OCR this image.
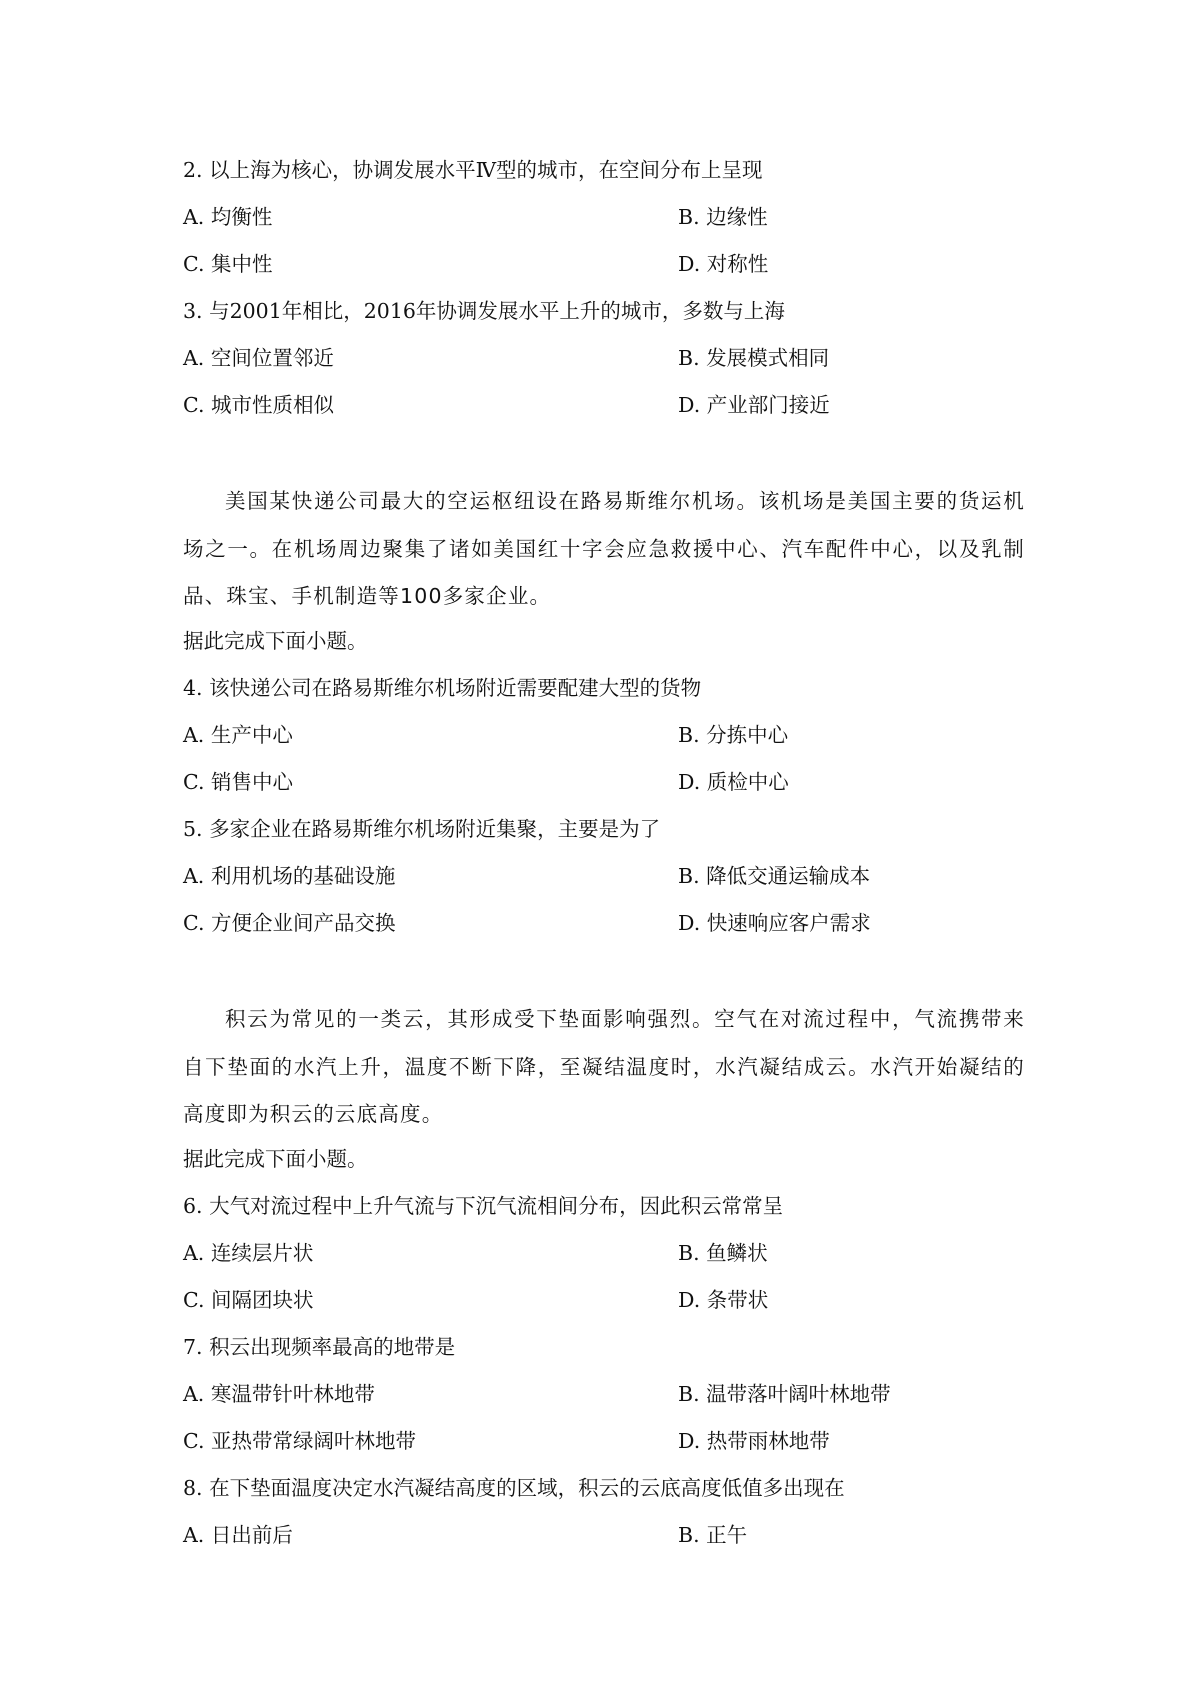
2. 以上海为核心，协调发展水平Ⅳ型的城市，在空间分布上呈现
A. 均衡性	B. 边缘性
C. 集中性	D. 对称性
3. 与2001年相比，2016年协调发展水平上升的城市，多数与上海
A. 空间位置邻近	B. 发展模式相同
C. 城市性质相似	D. 产业部门接近
美国某快递公司最大的空运枢纽设在路易斯维尔机场。该机场是美国主要的货运机场之一。在机场周边聚集了诸如美国红十字会应急救援中心、汽车配件中心，以及乳制品、珠宝、手机制造等100多家企业。
据此完成下面小题。
4. 该快递公司在路易斯维尔机场附近需要配建大型的货物
A. 生产中心	B. 分拣中心
C. 销售中心	D. 质检中心
5. 多家企业在路易斯维尔机场附近集聚，主要是为了
A. 利用机场的基础设施	B. 降低交通运输成本
C. 方便企业间产品交换	D. 快速响应客户需求
积云为常见的一类云，其形成受下垫面影响强烈。空气在对流过程中，气流携带来自下垫面的水汽上升，温度不断下降，至凝结温度时，水汽凝结成云。水汽开始凝结的高度即为积云的云底高度。
据此完成下面小题。
6. 大气对流过程中上升气流与下沉气流相间分布，因此积云常常呈
A. 连续层片状	B. 鱼鳞状
C. 间隔团块状	D. 条带状
7. 积云出现频率最高的地带是
A. 寒温带针叶林地带	B. 温带落叶阔叶林地带
C. 亚热带常绿阔叶林地带	D. 热带雨林地带
8. 在下垫面温度决定水汽凝结高度的区域，积云的云底高度低值多出现在
A. 日出前后	B. 正午
